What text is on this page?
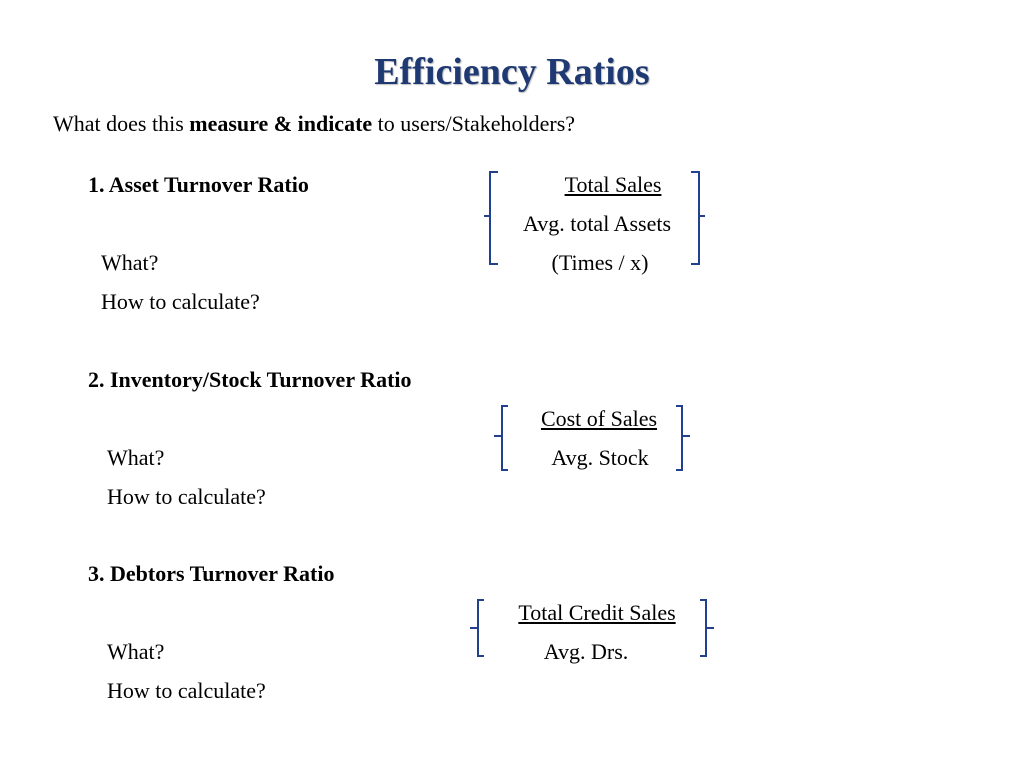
Efficiency Ratios
What does this measure & indicate to users/Stakeholders?
1. Asset Turnover Ratio
What?
How to calculate?
Total Sales
Avg. total Assets
(Times / x)
2. Inventory/Stock Turnover Ratio
What?
How to calculate?
Cost of Sales
Avg. Stock
3. Debtors Turnover Ratio
What?
How to calculate?
Total Credit Sales
Avg. Drs.
